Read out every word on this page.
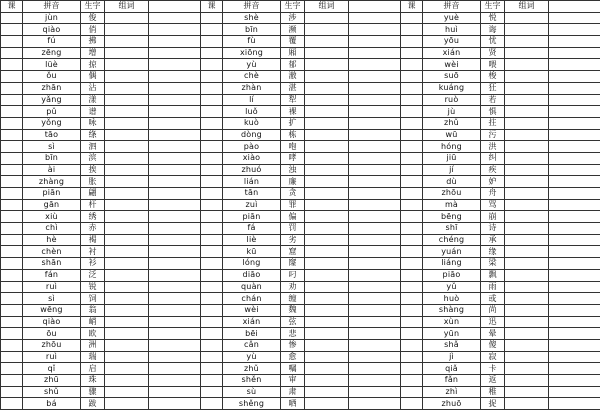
课	拼音	生字	组词	
	jùn	俊		
	qiào	俏		
	fú	拂		
	zēng	增		
	lüè	掠		
	ǒu	偶		
	zhān	沾		
	yǎng	漾		
	pǔ	谱		
	yǒng	咏		
	tāo	绦		
	sì	泗		
	bīn	滨		
	ài	挨		
	zhàng	胀		
	piān	翩		
	gān	杆		
	xiù	绣		
	chì	赤		
	hè	褐		
	chèn	衬		
	shān	衫		
	fán	泛		
	ruì	锐		
	sì	饲		
	wēng	翁		
	qiào	峭		
	ōu	欧		
	zhōu	洲		
	ruì	瑞		
	qǐ	启		
	zhū	珠		
	shǔ	骤		
	bá	跋		
课	拼音	生字	组词	
	shè	涉		
	bīn	濒		
	fù	覆		
	xiōng	厢		
	yù	郁		
	chè	澈		
	zhàn	湛		
	lí	犁		
	luǒ	裸		
	kuò	扩		
	dòng	栋		
	pào	咆		
	xiào	哮		
	zhuó	浊		
	lián	廉		
	tān	贪		
	zuì	罪		
	piān	偏		
	fá	罚		
	liè	劣		
	kū	窟		
	lóng	窿		
	diāo	叼		
	quàn	劝		
	chán	缠		
	wèi	魏		
	xián	弦		
	bēi	悲		
	cǎn	惨		
	yù	愈		
	zhǔ	嘱		
	shěn	审		
	sù	肃		
	shěng	哂		
课	拼音	生字	组词	
	yuè	悦		
	huì	诲		
	yōu	忧		
	xián	贤		
	wèi	喂		
	suō	梭		
	kuáng	狂		
	ruò	若		
	jù	惧		
	zhǔ	拄		
	wū	污		
	hóng	洪		
	jiū	纠		
	jí	疾		
	dù	妒		
	zhōu	舟		
	mà	骂		
	bēng	崩		
	shī	诗		
	chéng	承		
	yuán	缘		
	liáng	梁		
	piāo	飘		
	yǔ	雨		
	huò	或		
	shàng	尚		
	xùn	迅		
	yūn	晕		
	shǎ	傻		
	jì	寂		
	qiǎ	卡		
	fǎn	返		
	zhì	稚		
	zhuō	捉		
